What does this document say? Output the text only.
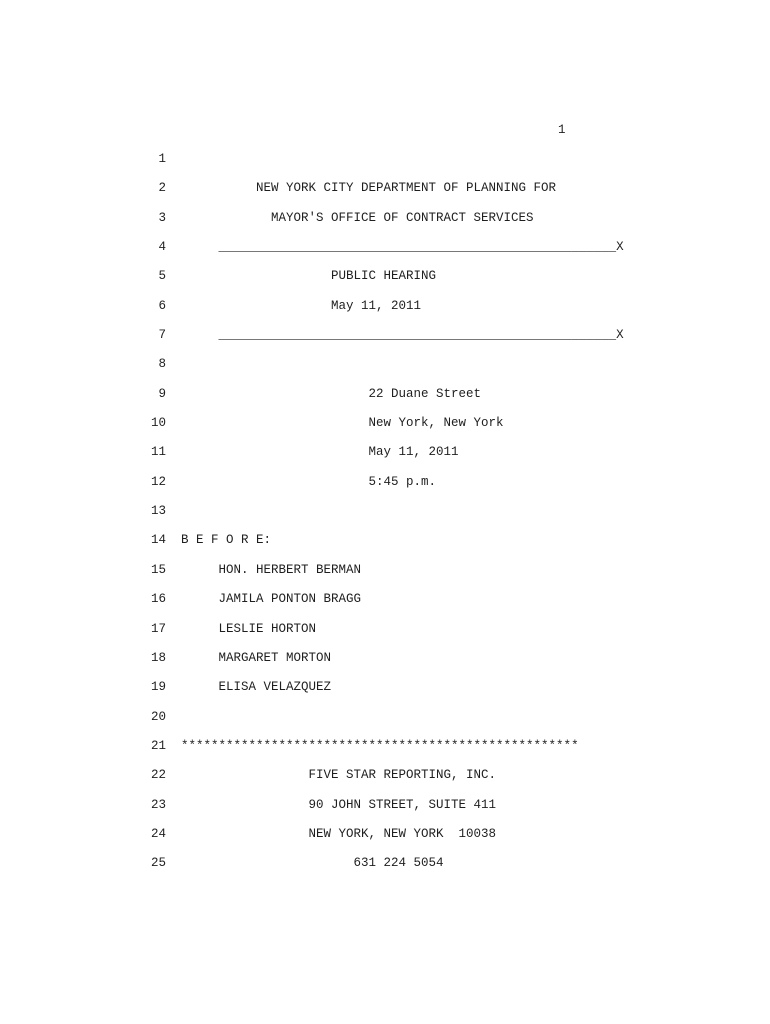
1
1
2 NEW YORK CITY DEPARTMENT OF PLANNING FOR
3 MAYOR'S OFFICE OF CONTRACT SERVICES
4 _____________________________________________________X
5 PUBLIC HEARING
6 May 11, 2011
7 _____________________________________________________X
8
9 22 Duane Street
10 New York, New York
11 May 11, 2011
12 5:45 p.m.
13
14 B E F O R E:
15 HON. HERBERT BERMAN
16 JAMILA PONTON BRAGG
17 LESLIE HORTON
18 MARGARET MORTON
19 ELISA VELAZQUEZ
20
21 *****************************************************
22 FIVE STAR REPORTING, INC.
23 90 JOHN STREET, SUITE 411
24 NEW YORK, NEW YORK  10038
25 631 224 5054
